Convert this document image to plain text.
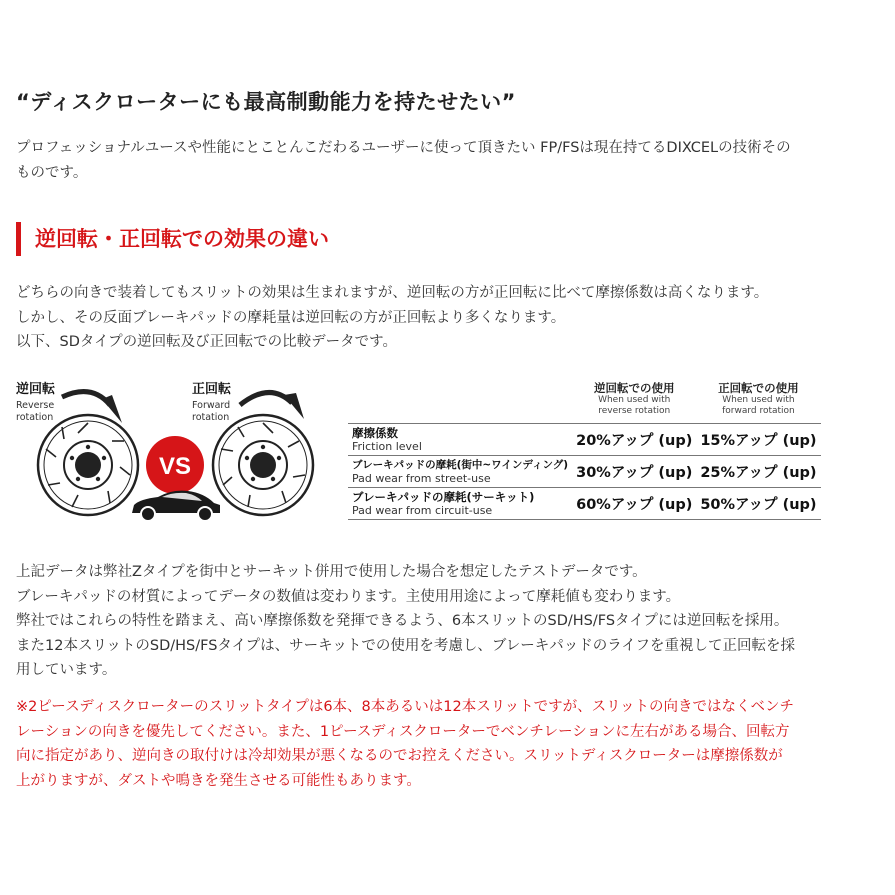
“ディスクローターにも最高制動能力を持たせたい”
プロフェッショナルユースや性能にとことんこだわるユーザーに使って頂きたい FP/FSは現在持てるDIXCELの技術その
ものです。
逆回転・正回転での効果の違い
どちらの向きで装着してもスリットの効果は生まれますが、逆回転の方が正回転に比べて摩擦係数は高くなります。
しかし、その反面ブレーキパッドの摩耗量は逆回転の方が正回転より多くなります。
以下、SDタイプの逆回転及び正回転での比較データです。
逆回転
Reverse
rotation
VS
正回転
Forward
rotation
	逆回転での使用
When used with
reverse rotation	正回転での使用
When used with
forward rotation

摩擦係数
Friction level	20%アップ (up)	15%アップ (up)

ブレーキパッドの摩耗(街中~ワインディング)
Pad wear from street-use	30%アップ (up)	25%アップ (up)

ブレーキパッドの摩耗(サーキット)
Pad wear from circuit-use	60%アップ (up)	50%アップ (up)
上記データは弊社Zタイプを街中とサーキット併用で使用した場合を想定したテストデータです。
ブレーキパッドの材質によってデータの数値は変わります。主使用用途によって摩耗値も変わります。
弊社ではこれらの特性を踏まえ、高い摩擦係数を発揮できるよう、6本スリットのSD/HS/FSタイプには逆回転を採用。
また12本スリットのSD/HS/FSタイプは、サーキットでの使用を考慮し、ブレーキパッドのライフを重視して正回転を採
用しています。
※2ピースディスクローターのスリットタイプは6本、8本あるいは12本スリットですが、スリットの向きではなくベンチ
レーションの向きを優先してください。また、1ピースディスクローターでベンチレーションに左右がある場合、回転方
向に指定があり、逆向きの取付けは冷却効果が悪くなるのでお控えください。スリットディスクローターは摩擦係数が
上がりますが、ダストや鳴きを発生させる可能性もあります。
